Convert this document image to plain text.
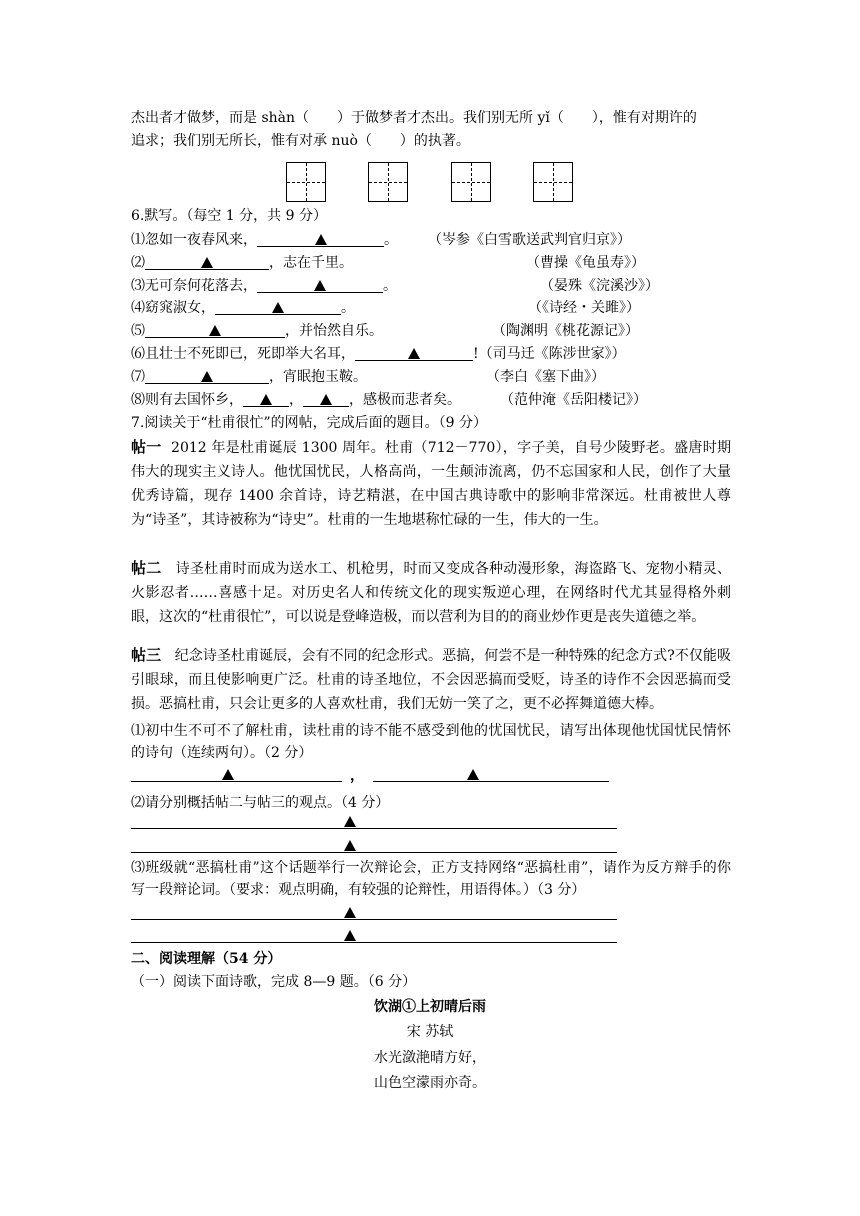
杰出者才做梦，而是 shàn（　　）于做梦者才杰出。我们别无所 yǐ（　　），惟有对期许的
追求；我们别无所长，惟有对承 nuò（　　）的执著。
6.默写。（每空 1 分，共 9 分）
⑴忽如一夜春风来，	。 （岑参《白雪歌送武判官归京》）
⑵	，志在千里。	（曹操《龟虽寿》）
⑶无可奈何花落去，	。	（晏殊《浣溪沙》）
⑷窈窕淑女，	。	（《诗经・关雎》）
⑸	，并怡然自乐。	（陶渊明《桃花源记》）
⑹且壮士不死即已，死即举大名耳，	!（司马迁《陈涉世家》）
⑺	，宵眠抱玉鞍。	（李白《塞下曲》）
⑻则有去国怀乡，	，	，感极而悲者矣。	（范仲淹《岳阳楼记》）
7.阅读关于“杜甫很忙”的网帖，完成后面的题目。（9 分）
帖一 2012 年是杜甫诞辰 1300 周年。杜甫（712－770），字子美，自号少陵野老。盛唐时期伟大的现实主义诗人。他忧国忧民，人格高尚，一生颠沛流离，仍不忘国家和人民，创作了大量优秀诗篇，现存 1400 余首诗，诗艺精湛，在中国古典诗歌中的影响非常深远。杜甫被世人尊为“诗圣”，其诗被称为“诗史”。杜甫的一生地堪称忙碌的一生，伟大的一生。
帖二 诗圣杜甫时而成为送水工、机枪男，时而又变成各种动漫形象，海盗路飞、宠物小精灵、火影忍者……喜感十足。对历史名人和传统文化的现实叛逆心理，在网络时代尤其显得格外刺眼，这次的“杜甫很忙”，可以说是登峰造极，而以营利为目的的商业炒作更是丧失道德之举。
帖三 纪念诗圣杜甫诞辰，会有不同的纪念形式。恶搞，何尝不是一种特殊的纪念方式?不仅能吸引眼球，而且使影响更广泛。杜甫的诗圣地位，不会因恶搞而受贬，诗圣的诗作不会因恶搞而受损。恶搞杜甫，只会让更多的人喜欢杜甫，我们无妨一笑了之，更不必挥舞道德大棒。
⑴初中生不可不了解杜甫，读杜甫的诗不能不感受到他的忧国忧民，请写出体现他忧国忧民情怀的诗句（连续两句）。（2 分）
，
⑵请分别概括帖二与帖三的观点。（4 分）
⑶班级就“恶搞杜甫”这个话题举行一次辩论会，正方支持网络“恶搞杜甫”，请作为反方辩手的你写一段辩论词。（要求：观点明确，有较强的论辩性，用语得体。）（3 分）
二、阅读理解（54 分）
（一）阅读下面诗歌，完成 8—9 题。（6 分）
饮湖①上初晴后雨
宋 苏轼
水光潋滟晴方好，
山色空濛雨亦奇。
